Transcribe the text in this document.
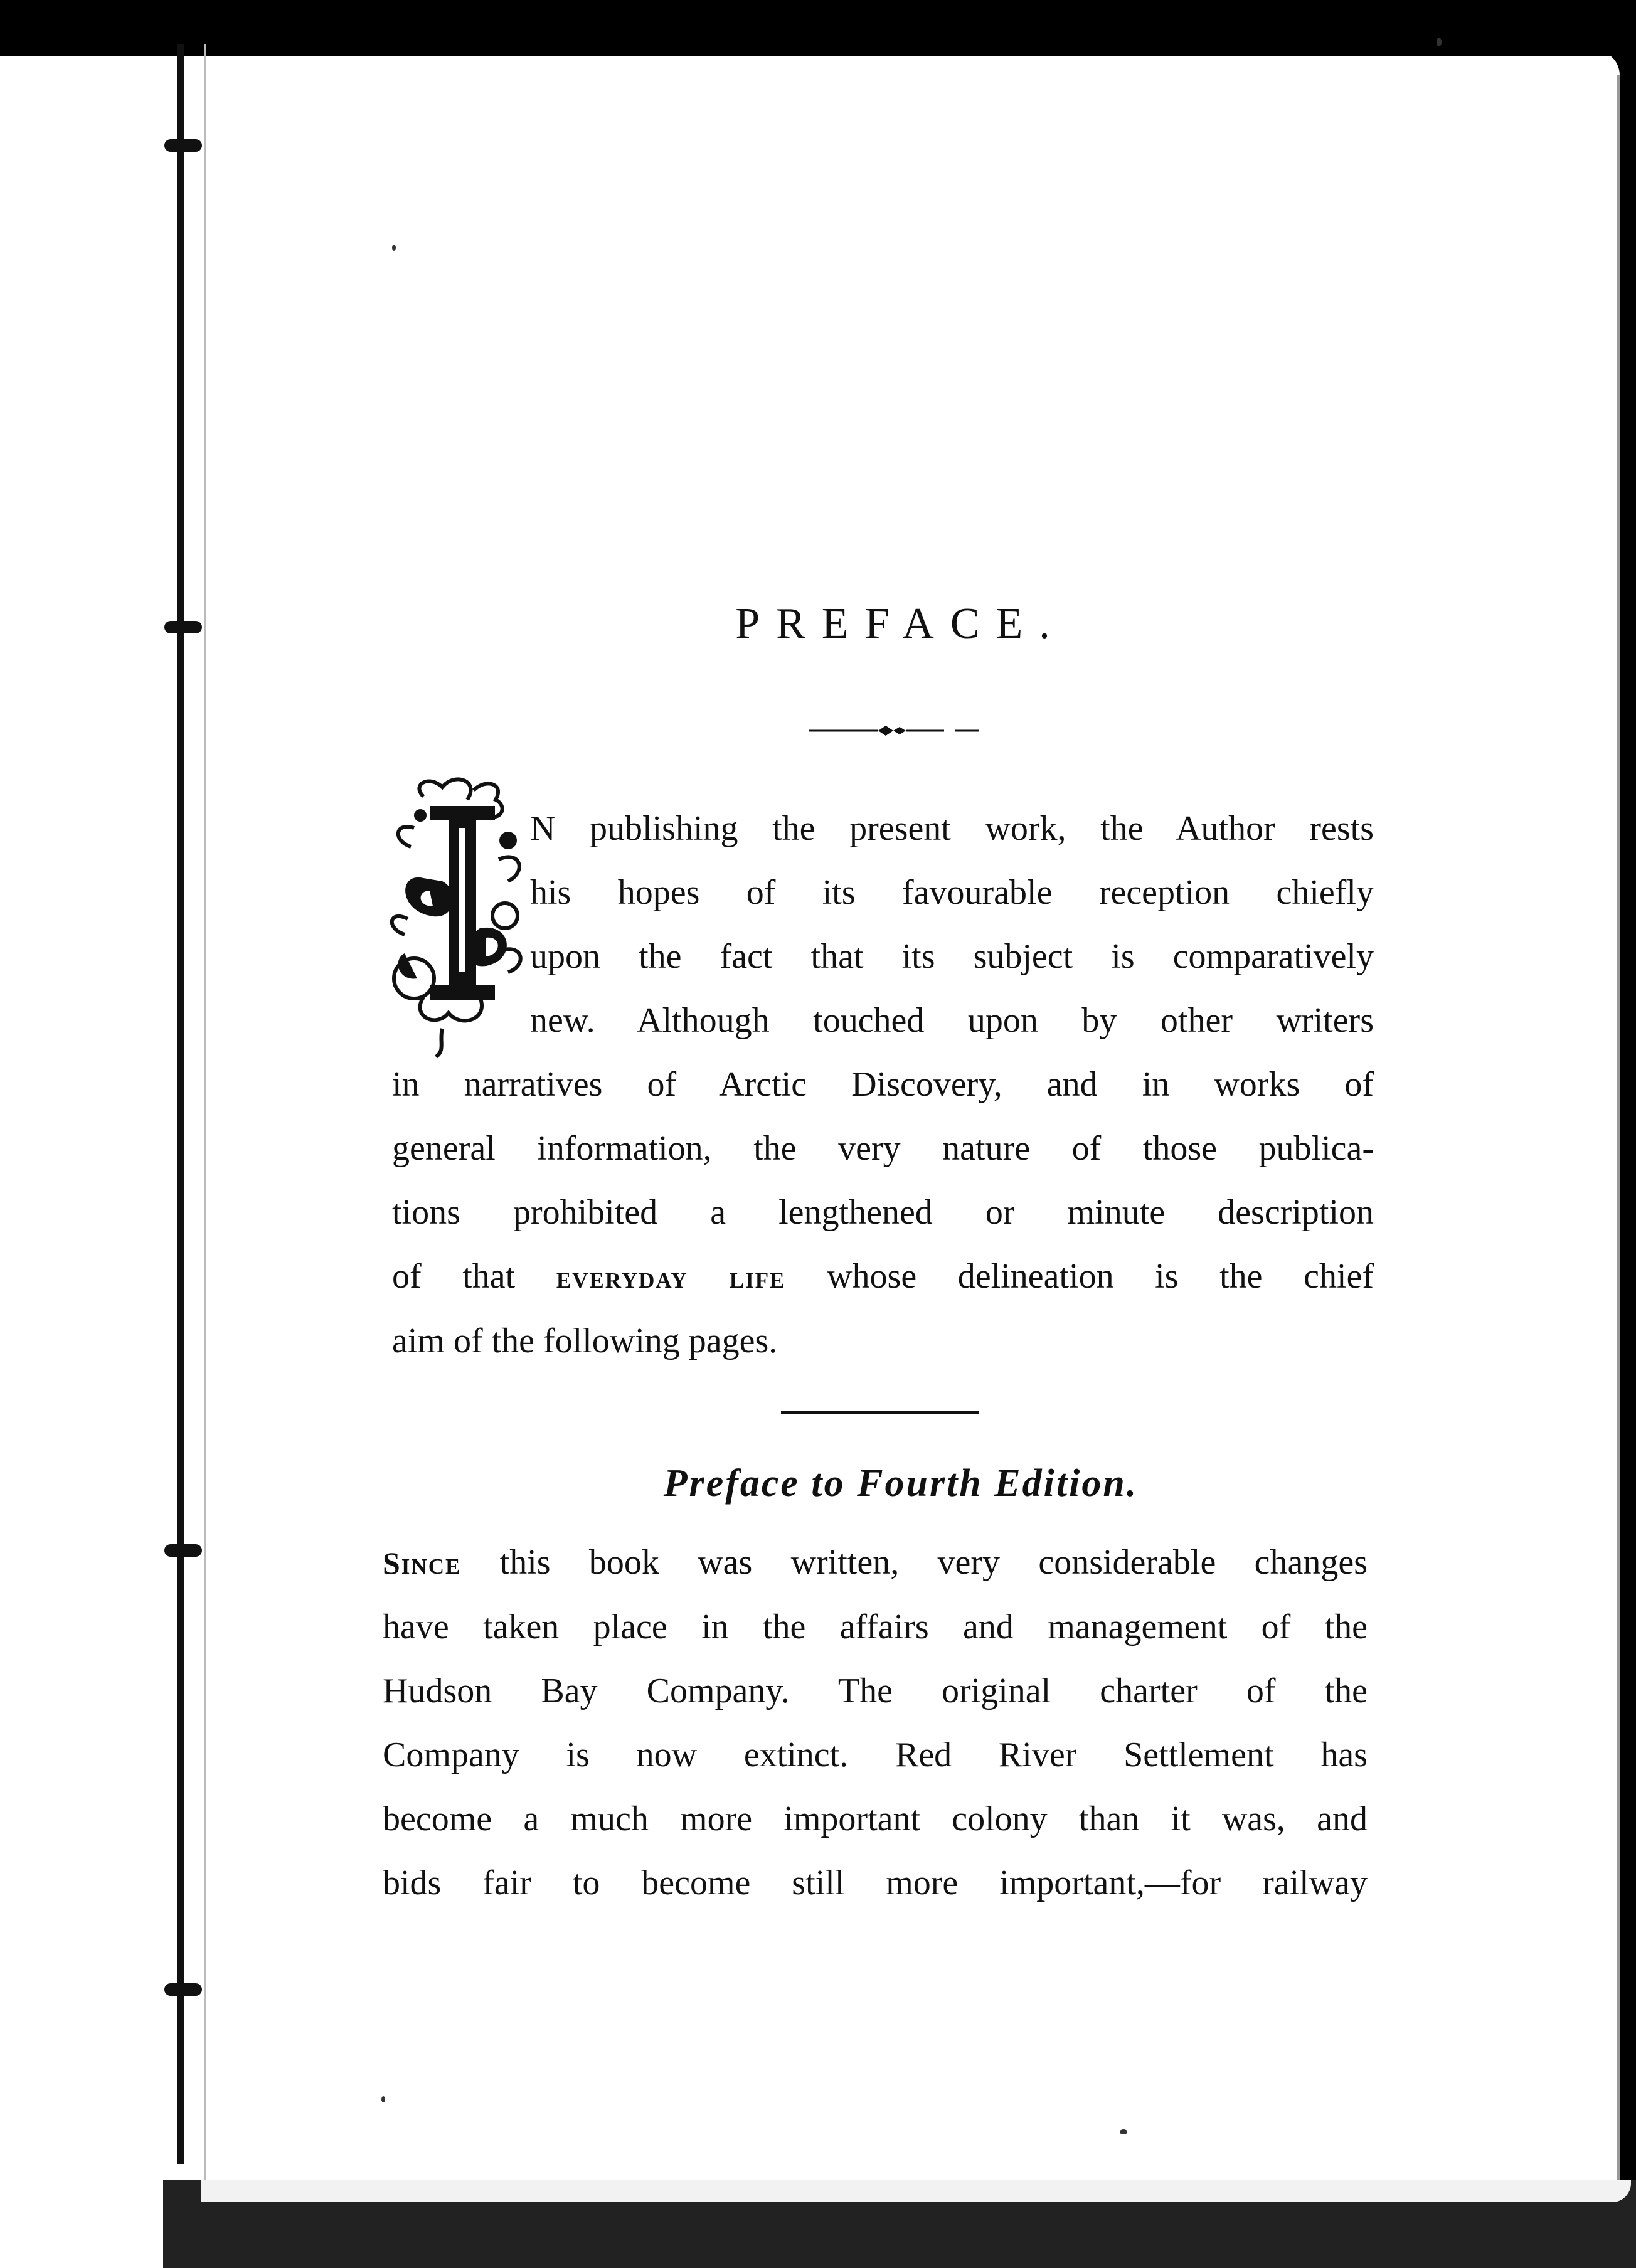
PREFACE.
N publishing the present work, the Author rests
his hopes of its favourable reception chiefly
upon the fact that its subject is comparatively
new. Although touched upon by other writers
in narratives of Arctic Discovery, and in works of
general information, the very nature of those publica-
tions prohibited a lengthened or minute description
of that everyday life whose delineation is the chief
aim of the following pages.
Preface to Fourth Edition.
Since this book was written, very considerable changes
have taken place in the affairs and management of the
Hudson Bay Company. The original charter of the
Company is now extinct. Red River Settlement has
become a much more important colony than it was, and
bids fair to become still more important,—for railway
